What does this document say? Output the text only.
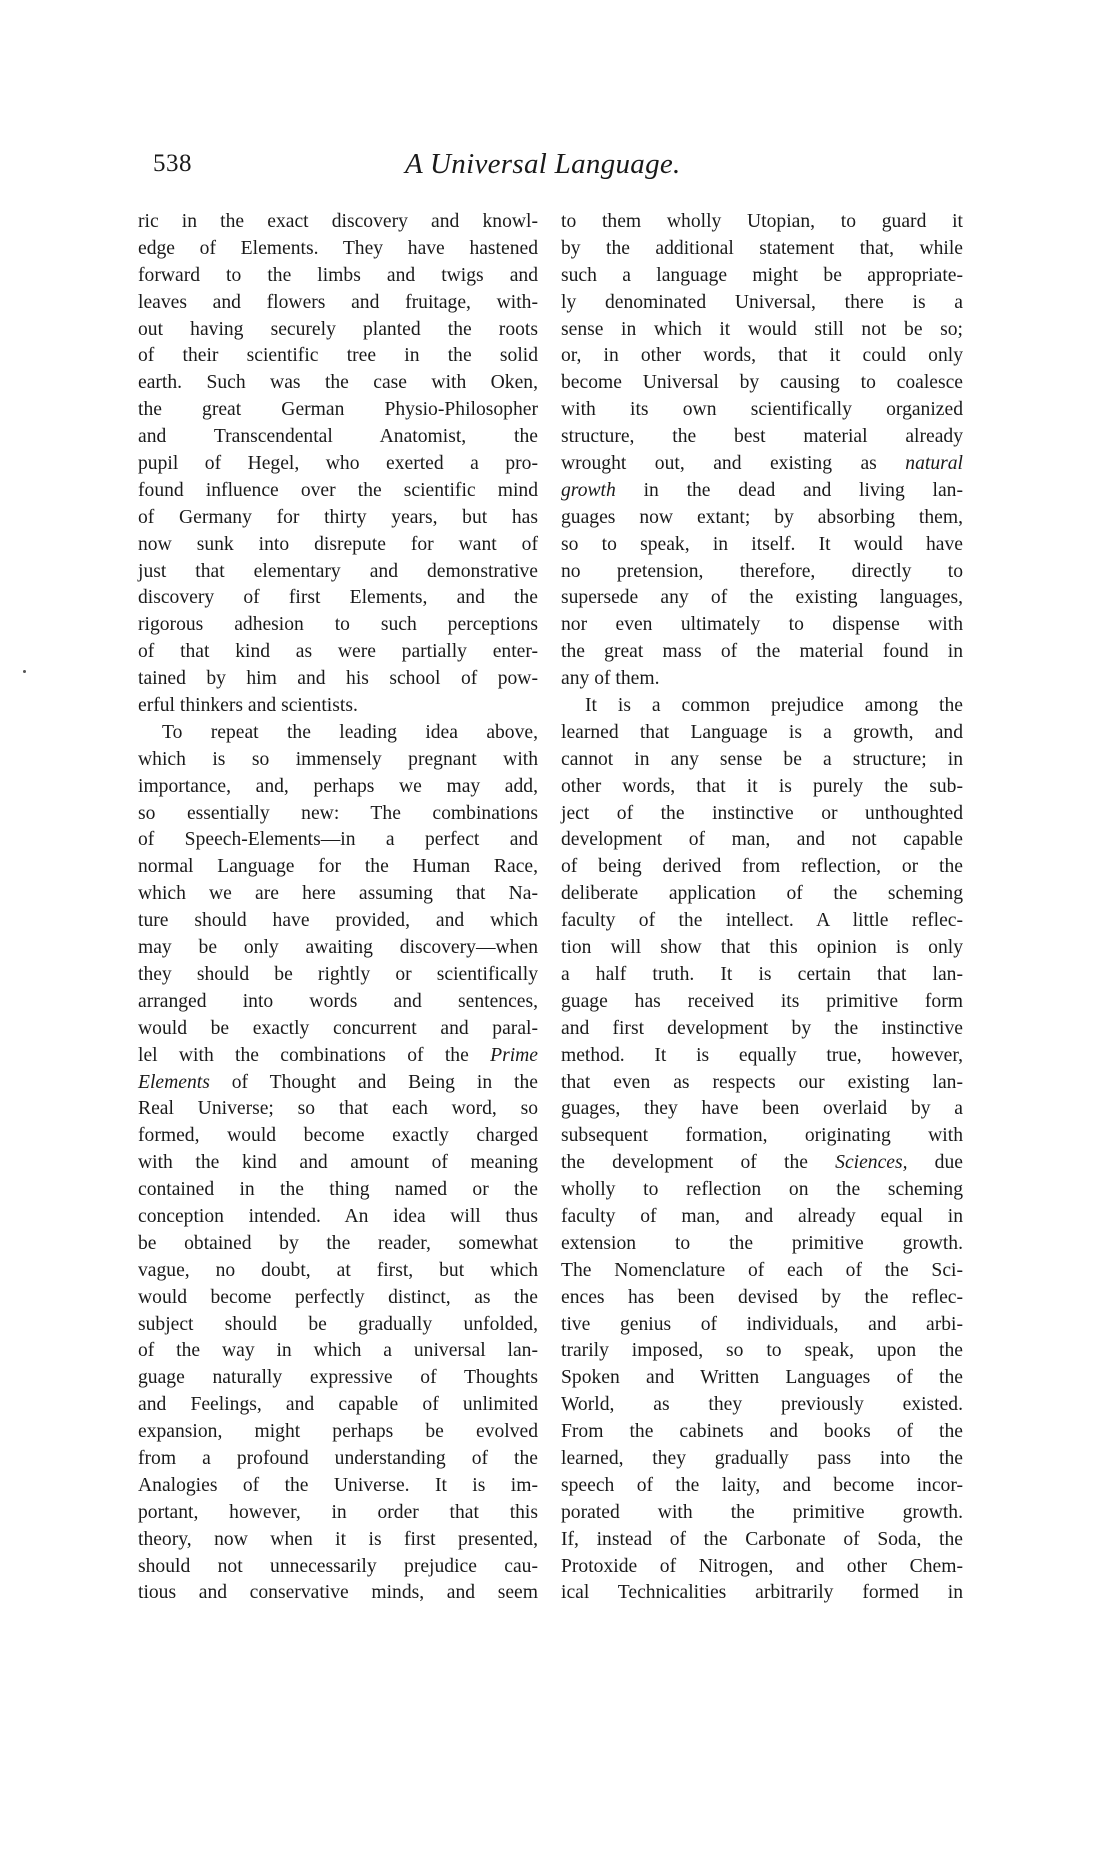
538	A Universal Language.
ric in the exact discovery and knowl-
edge of Elements. They have hastened
forward to the limbs and twigs and
leaves and flowers and fruitage, with-
out having securely planted the roots
of their scientific tree in the solid
earth. Such was the case with Oken,
the great German Physio-Philosopher
and Transcendental Anatomist, the
pupil of Hegel, who exerted a pro-
found influence over the scientific mind
of Germany for thirty years, but has
now sunk into disrepute for want of
just that elementary and demonstrative
discovery of first Elements, and the
rigorous adhesion to such perceptions
of that kind as were partially enter-
tained by him and his school of pow-
erful thinkers and scientists.
To repeat the leading idea above,
which is so immensely pregnant with
importance, and, perhaps we may add,
so essentially new: The combinations
of Speech-Elements—in a perfect and
normal Language for the Human Race,
which we are here assuming that Na-
ture should have provided, and which
may be only awaiting discovery—when
they should be rightly or scientifically
arranged into words and sentences,
would be exactly concurrent and paral-
lel with the combinations of the Prime
Elements of Thought and Being in the
Real Universe; so that each word, so
formed, would become exactly charged
with the kind and amount of meaning
contained in the thing named or the
conception intended. An idea will thus
be obtained by the reader, somewhat
vague, no doubt, at first, but which
would become perfectly distinct, as the
subject should be gradually unfolded,
of the way in which a universal lan-
guage naturally expressive of Thoughts
and Feelings, and capable of unlimited
expansion, might perhaps be evolved
from a profound understanding of the
Analogies of the Universe. It is im-
portant, however, in order that this
theory, now when it is first presented,
should not unnecessarily prejudice cau-
tious and conservative minds, and seem
to them wholly Utopian, to guard it
by the additional statement that, while
such a language might be appropriate-
ly denominated Universal, there is a
sense in which it would still not be so;
or, in other words, that it could only
become Universal by causing to coalesce
with its own scientifically organized
structure, the best material already
wrought out, and existing as natural
growth in the dead and living lan-
guages now extant; by absorbing them,
so to speak, in itself. It would have
no pretension, therefore, directly to
supersede any of the existing languages,
nor even ultimately to dispense with
the great mass of the material found in
any of them.
It is a common prejudice among the
learned that Language is a growth, and
cannot in any sense be a structure; in
other words, that it is purely the sub-
ject of the instinctive or unthoughted
development of man, and not capable
of being derived from reflection, or the
deliberate application of the scheming
faculty of the intellect. A little reflec-
tion will show that this opinion is only
a half truth. It is certain that lan-
guage has received its primitive form
and first development by the instinctive
method. It is equally true, however,
that even as respects our existing lan-
guages, they have been overlaid by a
subsequent formation, originating with
the development of the Sciences, due
wholly to reflection on the scheming
faculty of man, and already equal in
extension to the primitive growth.
The Nomenclature of each of the Sci-
ences has been devised by the reflec-
tive genius of individuals, and arbi-
trarily imposed, so to speak, upon the
Spoken and Written Languages of the
World, as they previously existed.
From the cabinets and books of the
learned, they gradually pass into the
speech of the laity, and become incor-
porated with the primitive growth.
If, instead of the Carbonate of Soda, the
Protoxide of Nitrogen, and other Chem-
ical Technicalities arbitrarily formed in
